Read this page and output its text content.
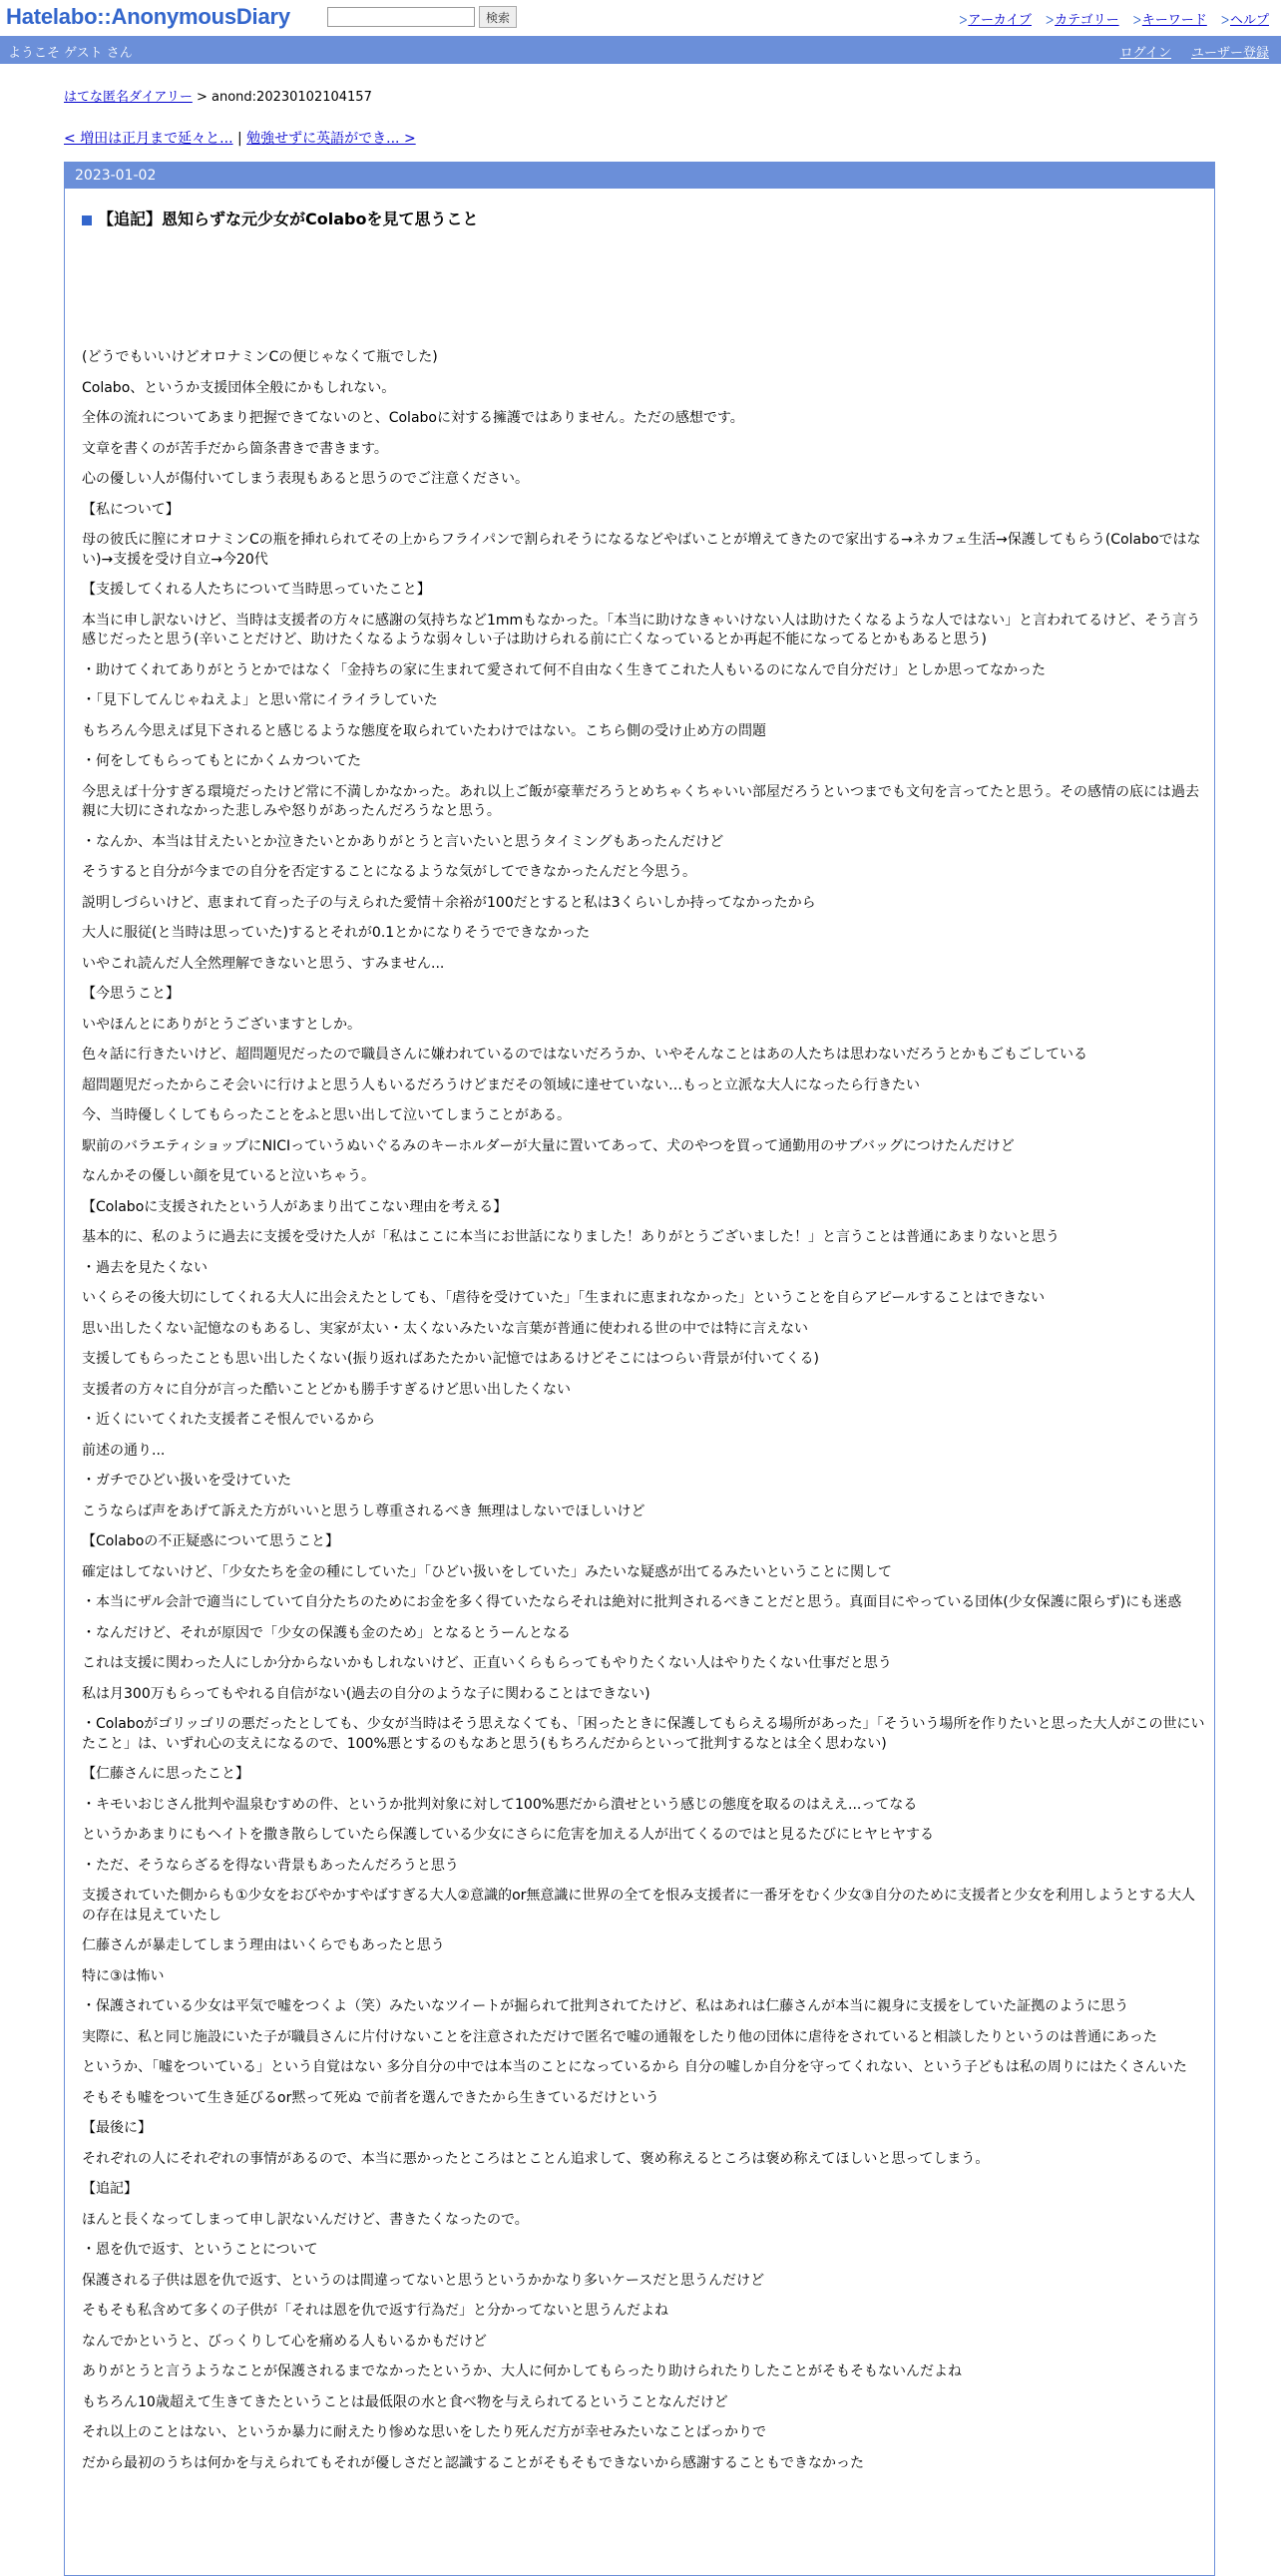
Hatelabo::AnonymousDiary	検索	ᐳアーカイブ ᐳカテゴリー ᐳキーワード ᐳヘルプ
ようこそ ゲスト さん	ログイン ユーザー登録
はてな匿名ダイアリー > anond:20230102104157
< 増田は正月まで延々と... | 勉強せずに英語ができ... >
2023-01-02
【追記】恩知らずな元少女がColaboを見て思うこと

(どうでもいいけどオロナミンCの便じゃなくて瓶でした)

Colabo、というか支援団体全般にかもしれない。

全体の流れについてあまり把握できてないのと、Colaboに対する擁護ではありません。ただの感想です。

文章を書くのが苦手だから箇条書きで書きます。

心の優しい人が傷付いてしまう表現もあると思うのでご注意ください。

【私について】

母の彼氏に膣にオロナミンCの瓶を挿れられてその上からフライパンで割られそうになるなどやばいことが増えてきたので家出する→ネカフェ生活→保護してもらう(Colaboではない)→支援を受け自立→今20代

【支援してくれる人たちについて当時思っていたこと】

本当に申し訳ないけど、当時は支援者の方々に感謝の気持ちなど1mmもなかった。「本当に助けなきゃいけない人は助けたくなるような人ではない」と言われてるけど、そう言う感じだったと思う(辛いことだけど、助けたくなるような弱々しい子は助けられる前に亡くなっているとか再起不能になってるとかもあると思う)

・助けてくれてありがとうとかではなく「金持ちの家に生まれて愛されて何不自由なく生きてこれた人もいるのになんで自分だけ」としか思ってなかった

・「見下してんじゃねえよ」と思い常にイライラしていた

もちろん今思えば見下されると感じるような態度を取られていたわけではない。こちら側の受け止め方の問題

・何をしてもらってもとにかくムカついてた

今思えば十分すぎる環境だったけど常に不満しかなかった。あれ以上ご飯が豪華だろうとめちゃくちゃいい部屋だろうといつまでも文句を言ってたと思う。その感情の底には過去親に大切にされなかった悲しみや怒りがあったんだろうなと思う。

・なんか、本当は甘えたいとか泣きたいとかありがとうと言いたいと思うタイミングもあったんだけど

そうすると自分が今までの自分を否定することになるような気がしてできなかったんだと今思う。

説明しづらいけど、恵まれて育った子の与えられた愛情＋余裕が100だとすると私は3くらいしか持ってなかったから

大人に服従(と当時は思っていた)するとそれが0.1とかになりそうでできなかった

いやこれ読んだ人全然理解できないと思う、すみません...

【今思うこと】

いやほんとにありがとうございますとしか。

色々話に行きたいけど、超問題児だったので職員さんに嫌われているのではないだろうか、いやそんなことはあの人たちは思わないだろうとかもごもごしている

超問題児だったからこそ会いに行けよと思う人もいるだろうけどまだその領域に達せていない…もっと立派な大人になったら行きたい

今、当時優しくしてもらったことをふと思い出して泣いてしまうことがある。

駅前のバラエティショップにNICIっていうぬいぐるみのキーホルダーが大量に置いてあって、犬のやつを買って通勤用のサブバッグにつけたんだけど

なんかその優しい顔を見ていると泣いちゃう。

【Colaboに支援されたという人があまり出てこない理由を考える】

基本的に、私のように過去に支援を受けた人が「私はここに本当にお世話になりました！ありがとうございました！」と言うことは普通にあまりないと思う

・過去を見たくない

いくらその後大切にしてくれる大人に出会えたとしても、「虐待を受けていた」「生まれに恵まれなかった」ということを自らアピールすることはできない

思い出したくない記憶なのもあるし、実家が太い・太くないみたいな言葉が普通に使われる世の中では特に言えない

支援してもらったことも思い出したくない(振り返ればあたたかい記憶ではあるけどそこにはつらい背景が付いてくる)

支援者の方々に自分が言った酷いことどかも勝手すぎるけど思い出したくない

・近くにいてくれた支援者こそ恨んでいるから

前述の通り...

・ガチでひどい扱いを受けていた

こうならば声をあげて訴えた方がいいと思うし尊重されるべき 無理はしないでほしいけど

【Colaboの不正疑惑について思うこと】

確定はしてないけど、「少女たちを金の種にしていた」「ひどい扱いをしていた」みたいな疑惑が出てるみたいということに関して

・本当にザル会計で適当にしていて自分たちのためにお金を多く得ていたならそれは絶対に批判されるべきことだと思う。真面目にやっている団体(少女保護に限らず)にも迷惑

・なんだけど、それが原因で「少女の保護も金のため」となるとうーんとなる

これは支援に関わった人にしか分からないかもしれないけど、正直いくらもらってもやりたくない人はやりたくない仕事だと思う

私は月300万もらってもやれる自信がない(過去の自分のような子に関わることはできない)

・Colaboがゴリッゴリの悪だったとしても、少女が当時はそう思えなくても、「困ったときに保護してもらえる場所があった」「そういう場所を作りたいと思った大人がこの世にいたこと」は、いずれ心の支えになるので、100%悪とするのもなあと思う(もちろんだからといって批判するなとは全く思わない)

【仁藤さんに思ったこと】

・キモいおじさん批判や温泉むすめの件、というか批判対象に対して100%悪だから潰せという感じの態度を取るのはええ...ってなる

というかあまりにもヘイトを撒き散らしていたら保護している少女にさらに危害を加える人が出てくるのではと見るたびにヒヤヒヤする

・ただ、そうならざるを得ない背景もあったんだろうと思う

支援されていた側からも①少女をおびやかすやばすぎる大人②意識的or無意識に世界の全てを恨み支援者に一番牙をむく少女③自分のために支援者と少女を利用しようとする大人の存在は見えていたし

仁藤さんが暴走してしまう理由はいくらでもあったと思う

特に③は怖い

・保護されている少女は平気で嘘をつくよ（笑）みたいなツイートが掘られて批判されてたけど、私はあれは仁藤さんが本当に親身に支援をしていた証拠のように思う

実際に、私と同じ施設にいた子が職員さんに片付けないことを注意されただけで匿名で嘘の通報をしたり他の団体に虐待をされていると相談したりというのは普通にあった

というか、「嘘をついている」という自覚はない 多分自分の中では本当のことになっているから 自分の嘘しか自分を守ってくれない、という子どもは私の周りにはたくさんいた

そもそも嘘をついて生き延びるor黙って死ぬ で前者を選んできたから生きているだけという

【最後に】

それぞれの人にそれぞれの事情があるので、本当に悪かったところはとことん追求して、褒め称えるところは褒め称えてほしいと思ってしまう。

【追記】

ほんと長くなってしまって申し訳ないんだけど、書きたくなったので。

・恩を仇で返す、ということについて

保護される子供は恩を仇で返す、というのは間違ってないと思うというかかなり多いケースだと思うんだけど

そもそも私含めて多くの子供が「それは恩を仇で返す行為だ」と分かってないと思うんだよね

なんでかというと、びっくりして心を痛める人もいるかもだけど

ありがとうと言うようなことが保護されるまでなかったというか、大人に何かしてもらったり助けられたりしたことがそもそもないんだよね

もちろん10歳超えて生きてきたということは最低限の水と食べ物を与えられてるということなんだけど

それ以上のことはない、というか暴力に耐えたり惨めな思いをしたり死んだ方が幸せみたいなことばっかりで

だから最初のうちは何かを与えられてもそれが優しさだと認識することがそもそもできないから感謝することもできなかった
